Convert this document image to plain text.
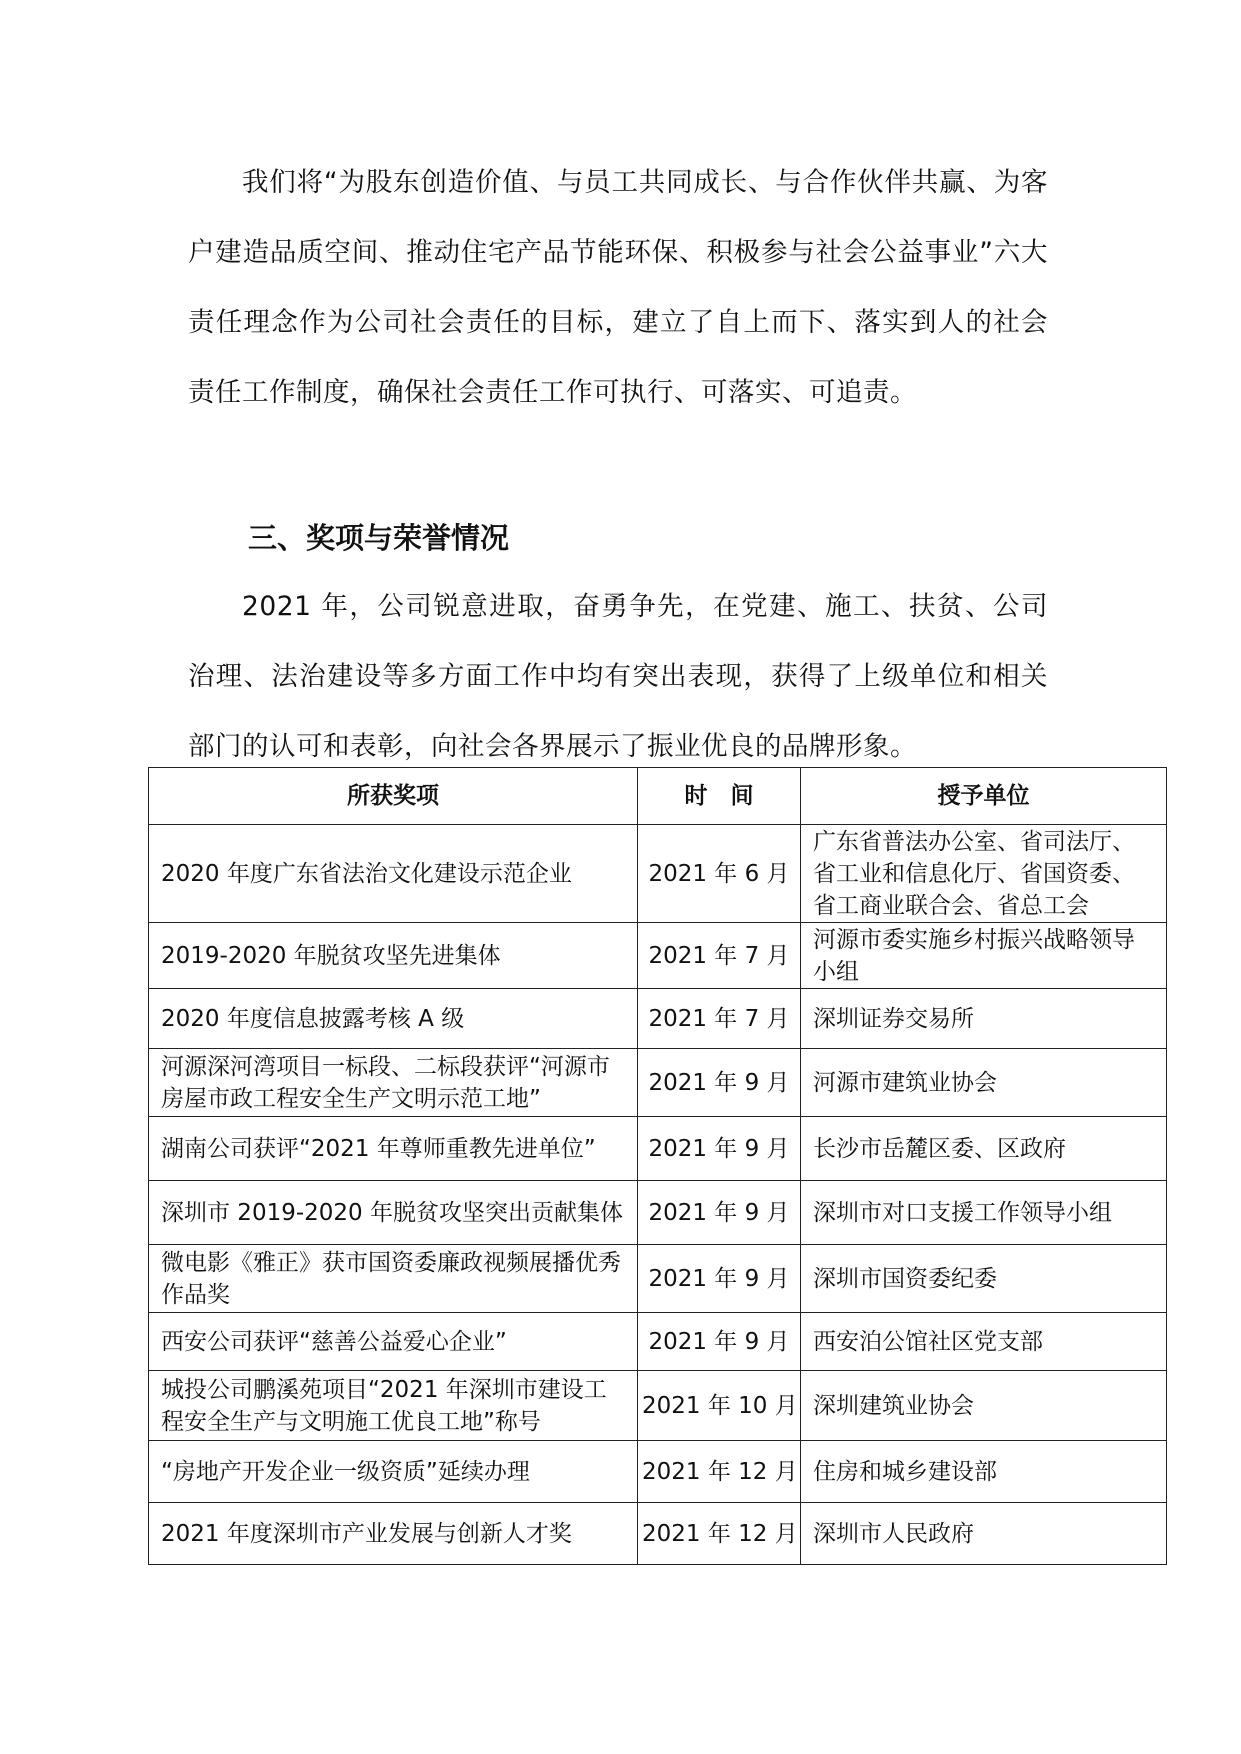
我们将“为股东创造价值、与员工共同成长、与合作伙伴共赢、为客户建造品质空间、推动住宅产品节能环保、积极参与社会公益事业”六大责任理念作为公司社会责任的目标，建立了自上而下、落实到人的社会责任工作制度，确保社会责任工作可执行、可落实、可追责。

三、奖项与荣誉情况

2021 年，公司锐意进取，奋勇争先，在党建、施工、扶贫、公司治理、法治建设等多方面工作中均有突出表现，获得了上级单位和相关部门的认可和表彰，向社会各界展示了振业优良的品牌形象。

所获奖项	时　间	授予单位
2020 年度广东省法治文化建设示范企业	2021 年 6 月	广东省普法办公室、省司法厅、省工业和信息化厅、省国资委、省工商业联合会、省总工会
2019-2020 年脱贫攻坚先进集体	2021 年 7 月	河源市委实施乡村振兴战略领导小组
2020 年度信息披露考核 A 级	2021 年 7 月	深圳证券交易所
河源深河湾项目一标段、二标段获评“河源市房屋市政工程安全生产文明示范工地”	2021 年 9 月	河源市建筑业协会
湖南公司获评“2021 年尊师重教先进单位”	2021 年 9 月	长沙市岳麓区委、区政府
深圳市 2019-2020 年脱贫攻坚突出贡献集体	2021 年 9 月	深圳市对口支援工作领导小组
微电影《雅正》获市国资委廉政视频展播优秀作品奖	2021 年 9 月	深圳市国资委纪委
西安公司获评“慈善公益爱心企业”	2021 年 9 月	西安泊公馆社区党支部
城投公司鹏溪苑项目“2021 年深圳市建设工程安全生产与文明施工优良工地”称号	2021 年 10 月	深圳建筑业协会
“房地产开发企业一级资质”延续办理	2021 年 12 月	住房和城乡建设部
2021 年度深圳市产业发展与创新人才奖	2021 年 12 月	深圳市人民政府
